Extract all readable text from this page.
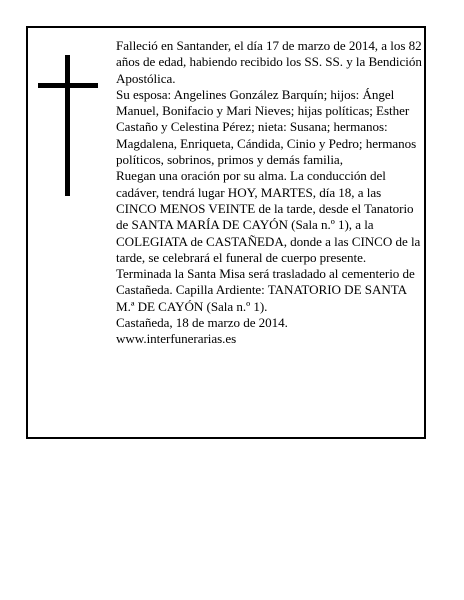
Falleció en Santander, el día 17 de marzo de 2014, a los 82 años de edad, habiendo recibido los SS. SS. y la Bendición Apostólica.

Su esposa: Angelines González Barquín; hijos: Ángel Manuel, Bonifacio y Mari Nieves; hijas políticas; Esther Castaño y Celestina Pérez; nieta: Susana; hermanos: Magdalena, Enriqueta, Cándida, Cinio y Pedro; hermanos políticos, sobrinos, primos y demás familia,

Ruegan una oración por su alma. La conducción del cadáver, tendrá lugar HOY, MARTES, día 18, a las CINCO MENOS VEINTE de la tarde, desde el Tanatorio de SANTA MARÍA DE CAYÓN (Sala n.º 1), a la COLEGIATA de CASTAÑEDA, donde a las CINCO de la tarde, se celebrará el funeral de cuerpo presente. Terminada la Santa Misa será trasladado al cementerio de Castañeda. Capilla Ardiente: TANATORIO DE SANTA M.ª DE CAYÓN (Sala n.º 1).

Castañeda, 18 de marzo de 2014.

www.interfunerarias.es
